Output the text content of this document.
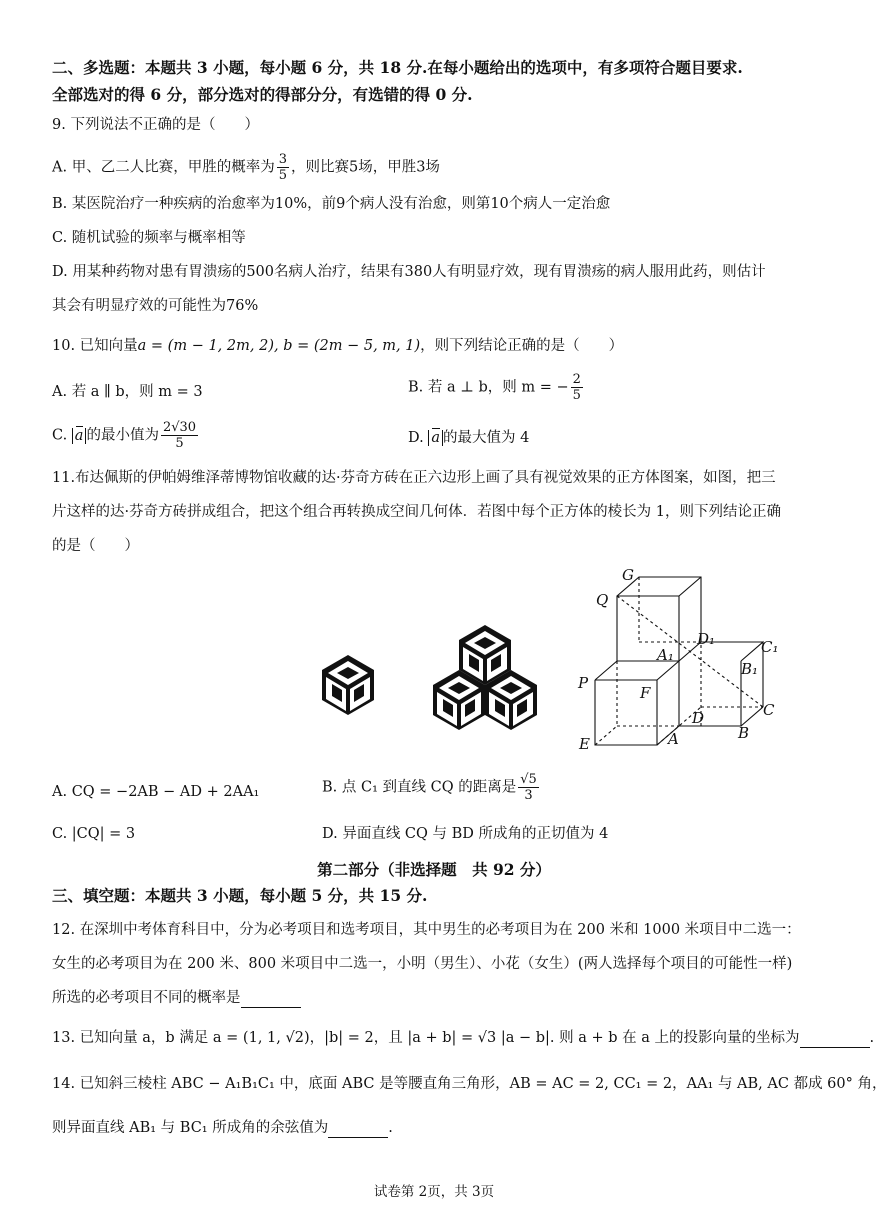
二、多选题：本题共 3 小题，每小题 6 分，共 18 分.在每小题给出的选项中，有多项符合题目要求.
全部选对的得 6 分，部分选对的得部分分，有选错的得 0 分.
9. 下列说法不正确的是（　　）
A. 甲、乙二人比赛，甲胜的概率为 $\frac{3}{5}$ ，则比赛5场，甲胜3场
B. 某医院治疗一种疾病的治愈率为10%，前9个病人没有治愈，则第10个病人一定治愈
C. 随机试验的频率与概率相等
D. 用某种药物对患有胃溃疡的500名病人治疗，结果有380人有明显疗效，现有胃溃疡的病人服用此药，则估计
其会有明显疗效的可能性为76%
10. 已知向量a = (m − 1, 2m, 2), b = (2m − 5, m, 1)，则下列结论正确的是（　　）
A. 若 a ∥ b，则 m = 3	B. 若 a ⊥ b，则 m = − $\frac{2}{5}$
C. a 的最小值为 $\frac{2√30}{5}$	D. a 的最大值为 4
11.布达佩斯的伊帕姆维泽蒂博物馆收藏的达·芬奇方砖在正六边形上画了具有视觉效果的正方体图案，如图，把三
片这样的达·芬奇方砖拼成组合，把这个组合再转换成空间几何体．若图中每个正方体的棱长为 1，则下列结论正确
的是（　　）
G
Q
D₁	C₁
A₁
B₁
P
F
D	C
E	A	B
A. CQ = −2AB − AD + 2AA₁	B. 点 C₁ 到直线 CQ 的距离是 $\frac{√5}{3}$
C. |CQ| = 3	D. 异面直线 CQ 与 BD 所成角的正切值为 4
第二部分（非选择题　共 92 分）
三、填空题：本题共 3 小题，每小题 5 分，共 15 分.
12. 在深圳中考体育科目中，分为必考项目和选考项目，其中男生的必考项目为在 200 米和 1000 米项目中二选一：
女生的必考项目为在 200 米、800 米项目中二选一，小明（男生）、小花（女生）(两人选择每个项目的可能性一样)
所选的必考项目不同的概率是
13. 已知向量 a，b 满足 a = (1, 1, √2)，|b| = 2，且 |a + b| = √3 |a − b|. 则 a + b 在 a 上的投影向量的坐标为	.
14. 已知斜三棱柱 ABC − A₁B₁C₁ 中，底面 ABC 是等腰直角三角形，AB = AC = 2, CC₁ = 2，AA₁ 与 AB, AC 都成 60° 角，
则异面直线 AB₁ 与 BC₁ 所成角的余弦值为	.
试卷第 2页，共 3页
